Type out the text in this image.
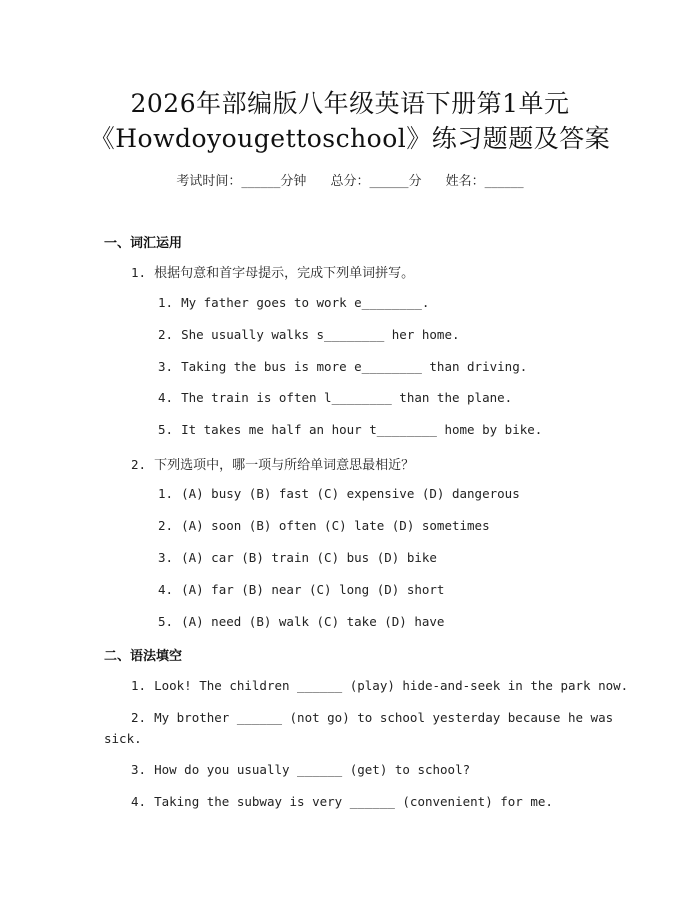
2026年部编版八年级英语下册第1单元
《Howdoyougettoschool》练习题题及答案
考试时间：______分钟 总分：______分 姓名：______
一、词汇运用
1. 根据句意和首字母提示，完成下列单词拼写。
1. My father goes to work e________.
2. She usually walks s________ her home.
3. Taking the bus is more e________ than driving.
4. The train is often l________ than the plane.
5. It takes me half an hour t________ home by bike.
2. 下列选项中，哪一项与所给单词意思最相近？
1. (A) busy (B) fast (C) expensive (D) dangerous
2. (A) soon (B) often (C) late (D) sometimes
3. (A) car (B) train (C) bus (D) bike
4. (A) far (B) near (C) long (D) short
5. (A) need (B) walk (C) take (D) have
二、语法填空
1. Look! The children ______ (play) hide-and-seek in the park now.
2. My brother ______ (not go) to school yesterday because he was
sick.
3. How do you usually ______ (get) to school?
4. Taking the subway is very ______ (convenient) for me.
